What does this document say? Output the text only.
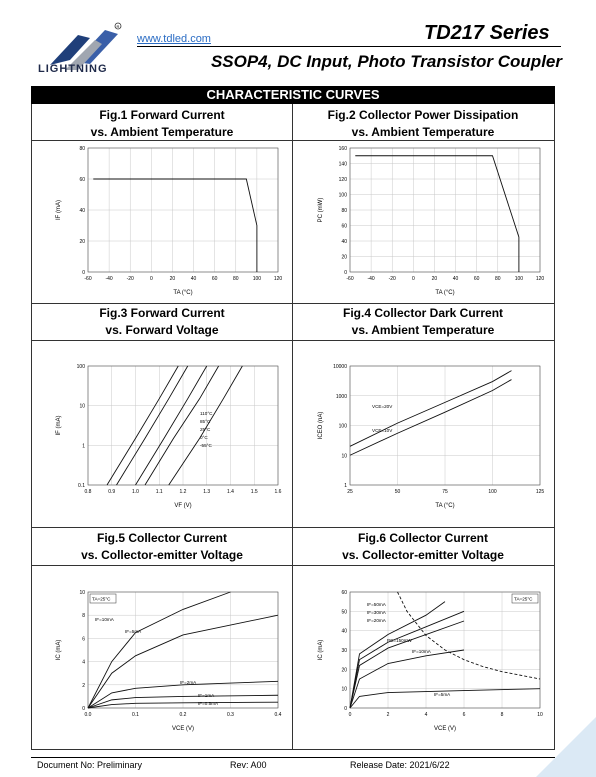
R
LIGHTNING
www.tdled.com	TD217 Series
SSOP4, DC Input, Photo Transistor Coupler
CHARACTERISTIC CURVES
Fig.1 Forward Current
vs. Ambient Temperature
Fig.2 Collector Power Dissipation
vs. Ambient Temperature
Fig.3 Forward Current
vs. Forward Voltage
Fig.4 Collector Dark Current
vs. Ambient Temperature
Fig.5 Collector Current
vs. Collector-emitter Voltage
Fig.6 Collector Current
vs. Collector-emitter Voltage
-60	-40	-20	0	20	40	60	80	100	120
0
20
40
60
80
TA (°C)
IF (mA)
-60	-40	-20	0	20	40	60	80	100	120
0
20
40
60
80
100
120
140
160
TA (°C)
PC (mW)
0.8	0.9	1.0	1.1	1.2	1.3	1.4	1.5	1.6
0.1
1
10
100
VF (V)
IF (mA)
110°C
85°C
25°C
0°C
-55°C
25	50	75	100	125
1
10
100
1000
10000
TA (°C)
ICEO (nA)
VCE=20V
VCE=10V
0.0	0.1	0.2	0.3	0.4
0
2
4
6
8
10
VCE (V)
IC (mA)
IF=10mA
IF=5mA
IF=2mA
IF=1mA
IF=0.5mA
TA=25°C
0	2	4	6	8	10
0
10
20
30
40
50
60
VCE (V)
IC (mA)
IF=50mA
IF=30mA
IF=20mA
PC=150mW
IF=10mA
IF=5mA
TA=25°C
Document No: Preliminary	Rev: A00	Release Date: 2021/6/22
